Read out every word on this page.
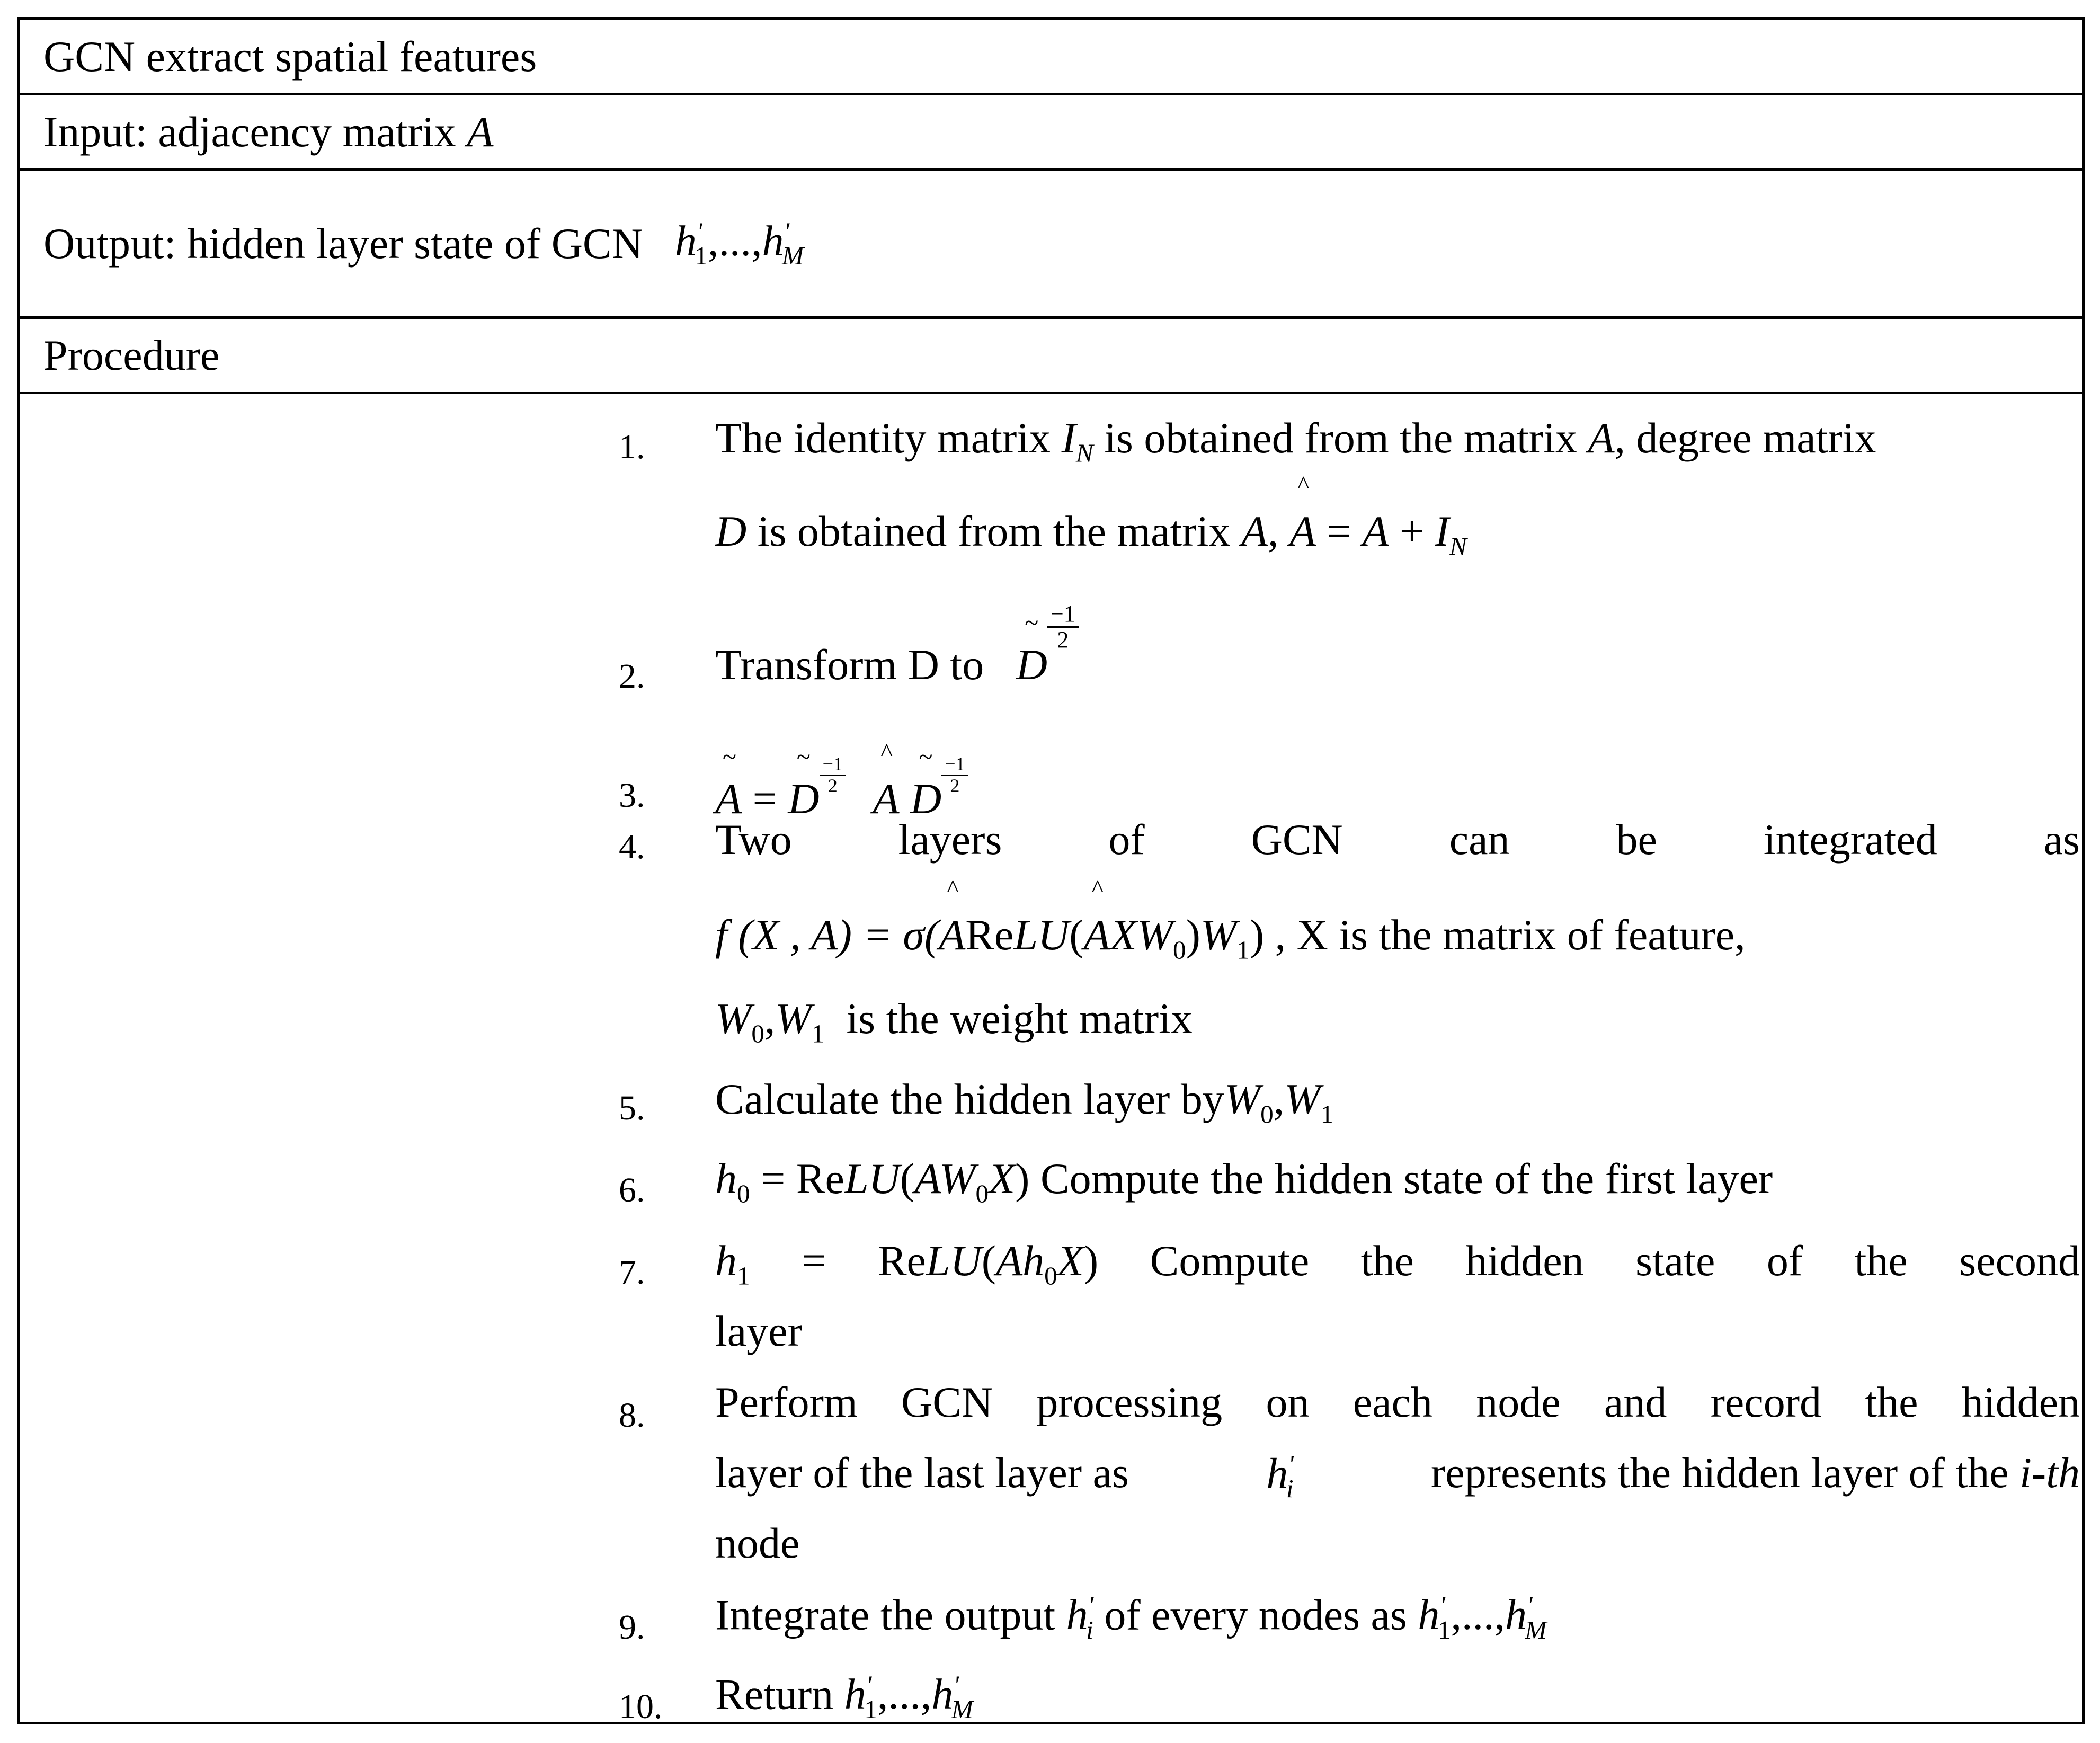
GCN extract spatial features
Input: adjacency matrix A
Output: hidden layer state of GCN $h'_1,...,h'_M$
Procedure
1.	The identity matrix $I_N$ is obtained from the matrix A, degree matrix
D is obtained from the matrix A, ^ $A = A + I_N$
2.	Transform D to ~ D
$\frac{-1}{2}$
3.	~ A = ~ D $\frac{-1}{2}$ ^ A ~ D $\frac{-1}{2}$
4.	Two layers of GCN can be integrated as
f (X , A) = σ(^ AReLU(^ $AXW_0)W_1$) , X is the matrix of feature,
$W_0,W_1$  is the weight matrix
5.	Calculate the hidden layer $byW_0,W_1$
6.	$h_0$ = $ReLU(AW_0X)$ Compute the hidden state of the first layer
7.	$h_1$ = $ReLU(Ah_0X)$ Compute the hidden state of the second
layer
8.	Perform GCN processing on each node and record the hidden
layer of the last layer as	$h'_i$	represents the hidden layer of the i-th
node
9.	Integrate the output $h'_i$ of every nodes as $h'_1,...,h'_M$
10.	Return $h'_1,...,h'_M$
